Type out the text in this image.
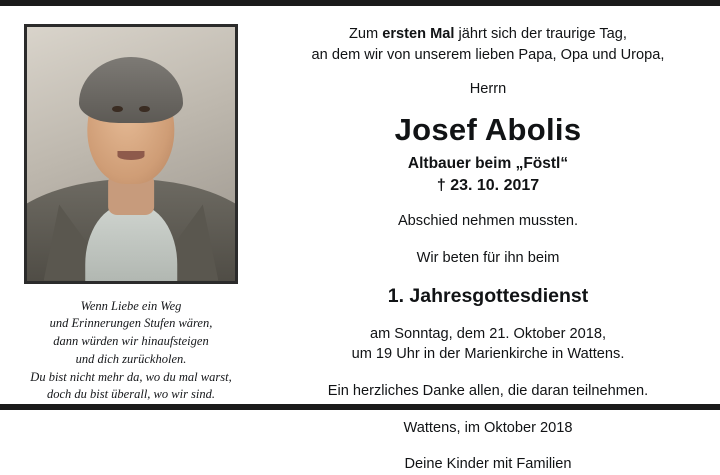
Wenn Liebe ein Weg
und Erinnerungen Stufen wären,
dann würden wir hinaufsteigen
und dich zurückholen.
Du bist nicht mehr da, wo du mal warst,
doch du bist überall, wo wir sind.
Zum ersten Mal jährt sich der traurige Tag,
an dem wir von unserem lieben Papa, Opa und Uropa,
Herrn
Josef Abolis
Altbauer beim „Föstl“
† 23. 10. 2017
Abschied nehmen mussten.
Wir beten für ihn beim
1. Jahresgottesdienst
am Sonntag, dem 21. Oktober 2018,
um 19 Uhr in der Marienkirche in Wattens.
Ein herzliches Danke allen, die daran teilnehmen.
Wattens, im Oktober 2018
Deine Kinder mit Familien
